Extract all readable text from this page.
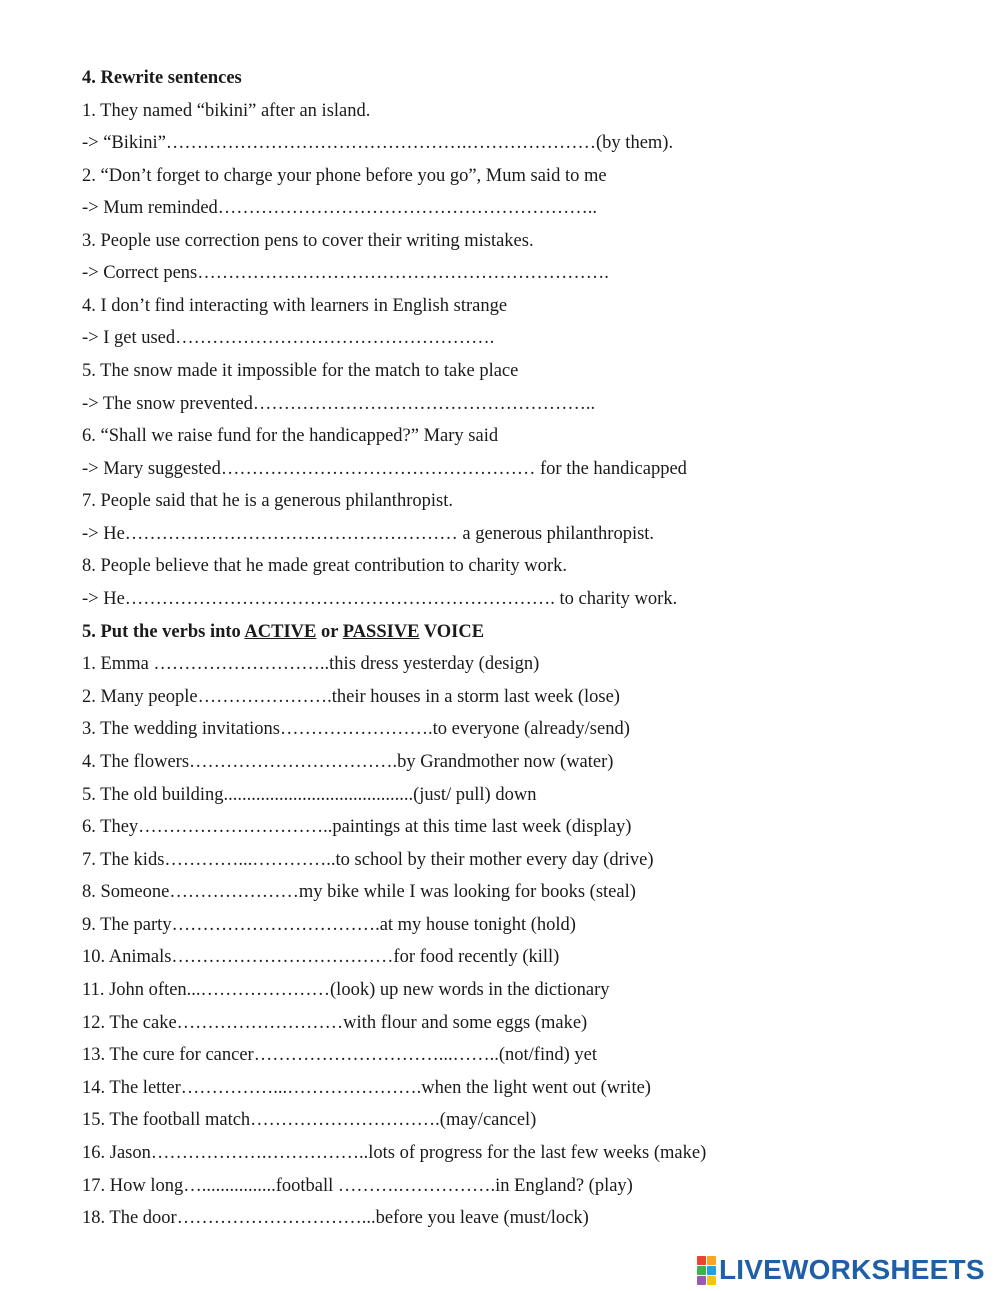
4. Rewrite sentences
1. They named “bikini” after an island.
-> “Bikini”………………………………………….…………………(by them).
2. “Don’t forget to charge your phone before you go”, Mum said to me
-> Mum reminded……………………………………………………..
3. People use correction pens to cover their writing mistakes.
-> Correct pens………………………………………………………….
4. I don’t find interacting with learners in English strange
-> I get used…………………………………………….
5. The snow made it impossible for the match to take place
-> The snow prevented………………………………………………..
6. “Shall we raise fund for the handicapped?” Mary said
-> Mary suggested…………………………………………… for the handicapped
7. People said that he is a generous philanthropist.
-> He……………………………………………… a generous philanthropist.
8. People believe that he made great contribution to charity work.
-> He……………………………………………………………. to charity work.
5. Put the verbs into ACTIVE or PASSIVE VOICE
1. Emma ………………………..this dress yesterday (design)
2. Many people………………….their houses in a storm last week (lose)
3. The wedding invitations…………………….to everyone (already/send)
4. The flowers…………………………….by Grandmother now (water)
5. The old building.........................................(just/ pull) down
6. They…………………………..paintings at this time last week (display)
7. The kids…………...…………..to school by their mother every day (drive)
8. Someone…………………my bike while I was looking for books (steal)
9. The party…………………………….at my house tonight (hold)
10. Animals………………………………for food recently (kill)
11. John often...…………………(look) up new words in the dictionary
12. The cake………………………with flour and some eggs (make)
13. The cure for cancer…………………………...……..(not/find) yet
14. The letter……………...………………….when the light went out (write)
15. The football match………………………….(may/cancel)
16. Jason……………….……………..lots of progress for the last few weeks (make)
17. How long…................football ……….…………….in England? (play)
18. The door…………………………...before you leave (must/lock)
LIVEWORKSHEETS
